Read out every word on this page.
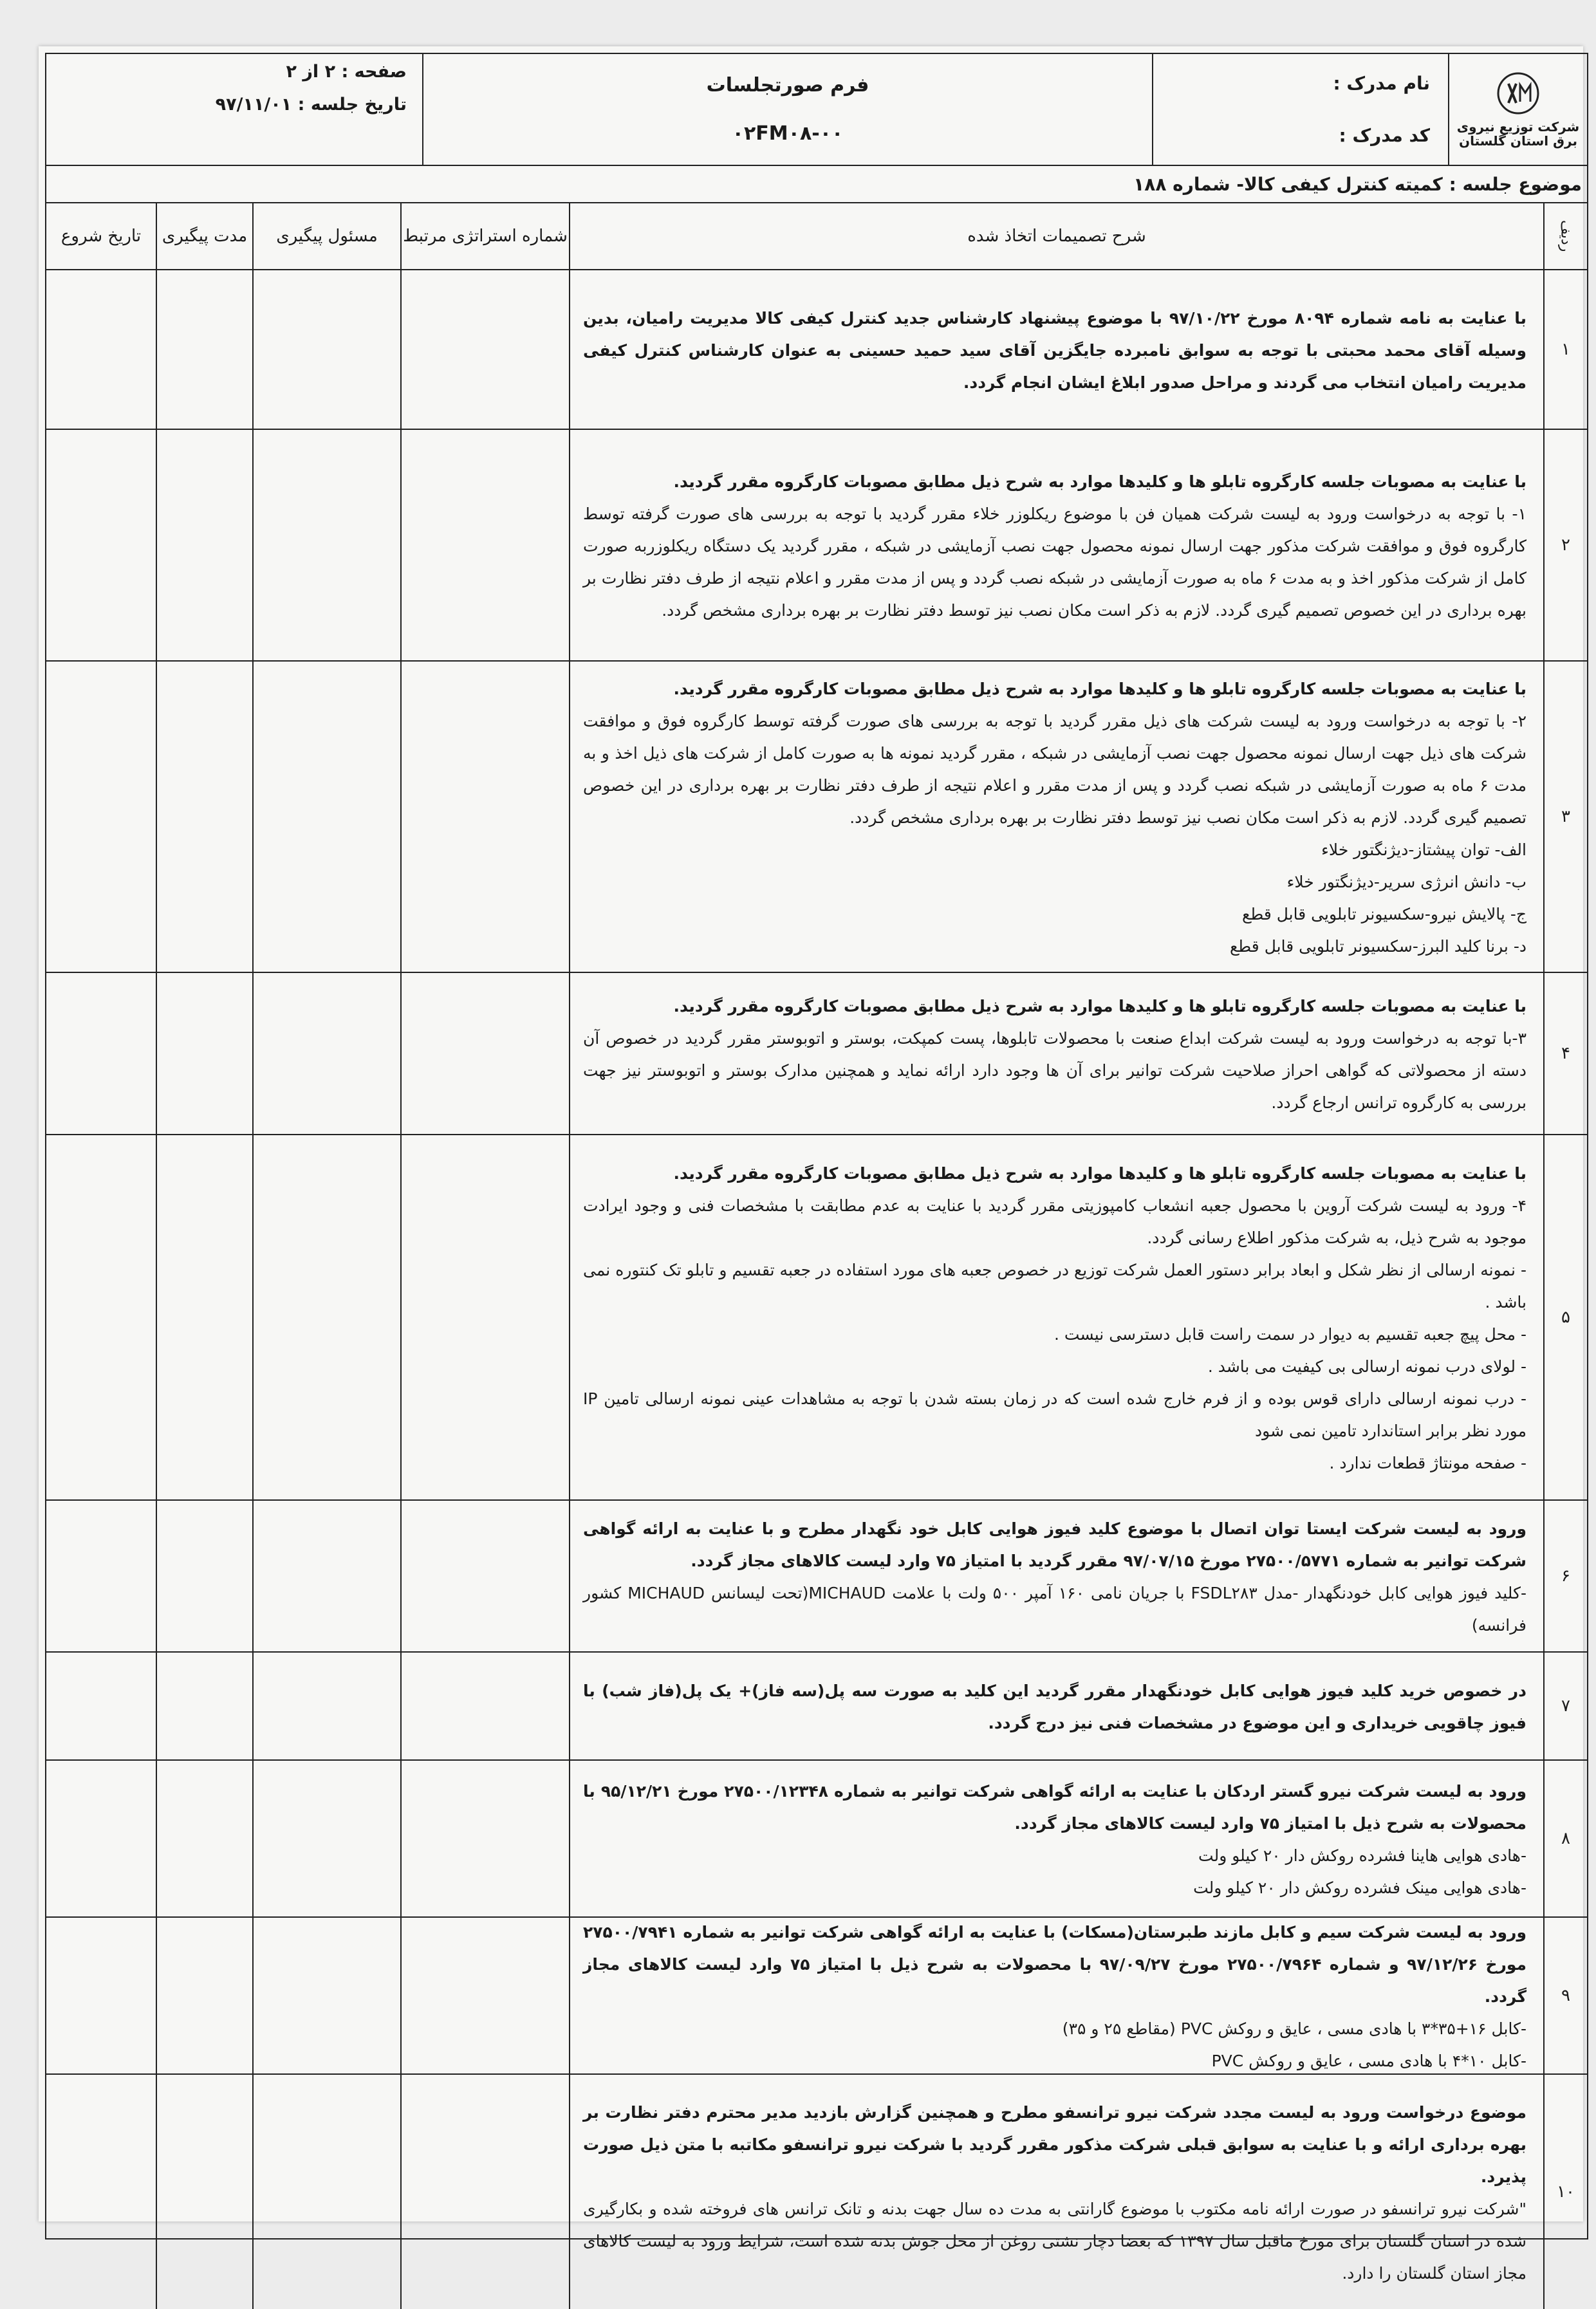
شرکت توزیع نیروی برق استان گلستان
نام مدرک :
کد مدرک :
فرم صورتجلسات
۰۲FM۰۸-۰۰
صفحه : ۲ از ۲
تاریخ جلسه : ۹۷/۱۱/۰۱
موضوع جلسه : کمیته کنترل کیفی کالا- شماره ۱۸۸
ردیف
شرح تصمیمات اتخاذ شده
شماره استراتژی مرتبط
مسئول پیگیری
مدت پیگیری
تاریخ شروع
۱

با عنایت به نامه شماره ۸۰۹۴ مورخ ۹۷/۱۰/۲۲ با موضوع پیشنهاد کارشناس جدید کنترل کیفی کالا مدیریت رامیان، بدین وسیله آقای محمد محبتی با توجه به سوابق نامبرده جایگزین آقای سید حمید حسینی به عنوان کارشناس کنترل کیفی مدیریت رامیان انتخاب می گردند و مراحل صدور ابلاغ ایشان انجام گردد.

۲

با عنایت به مصوبات جلسه کارگروه تابلو ها و کلیدها موارد به شرح ذیل مطابق مصوبات کارگروه مقرر گردید.

۱- با توجه به درخواست ورود به لیست شرکت همیان فن با موضوع ریکلوزر خلاء مقرر گردید با توجه به بررسی های صورت گرفته توسط کارگروه فوق و موافقت شرکت مذکور جهت ارسال نمونه محصول جهت نصب آزمایشی در شبکه ، مقرر گردید یک دستگاه ریکلوزربه صورت کامل از شرکت مذکور اخذ و به مدت ۶ ماه به صورت آزمایشی در شبکه نصب گردد و پس از مدت مقرر و اعلام نتیجه از طرف دفتر نظارت بر بهره برداری در این خصوص تصمیم گیری گردد. لازم به ذکر است مکان نصب نیز توسط دفتر نظارت بر بهره برداری مشخص گردد.

۳

با عنایت به مصوبات جلسه کارگروه تابلو ها و کلیدها موارد به شرح ذیل مطابق مصوبات کارگروه مقرر گردید.

۲- با توجه به درخواست ورود به لیست شرکت های ذیل مقرر گردید با توجه به بررسی های صورت گرفته توسط کارگروه فوق و موافقت شرکت های ذیل جهت ارسال نمونه محصول جهت نصب آزمایشی در شبکه ، مقرر گردید نمونه ها به صورت کامل از شرکت های ذیل اخذ و به مدت ۶ ماه به صورت آزمایشی در شبکه نصب گردد و پس از مدت مقرر و اعلام نتیجه از طرف دفتر نظارت بر بهره برداری در این خصوص تصمیم گیری گردد. لازم به ذکر است مکان نصب نیز توسط دفتر نظارت بر بهره برداری مشخص گردد.

الف- توان پیشتاز-دیژنگتور خلاء

ب- دانش انرژی سریر-دیژنگتور خلاء

ج- پالایش نیرو-سکسیونر تابلویی قابل قطع

د- برنا کلید البرز-سکسیونر تابلویی قابل قطع

۴

با عنایت به مصوبات جلسه کارگروه تابلو ها و کلیدها موارد به شرح ذیل مطابق مصوبات کارگروه مقرر گردید.

۳-با توجه به درخواست ورود به لیست شرکت ابداع صنعت با محصولات تابلوها، پست کمپکت، بوستر و اتوبوستر مقرر گردید در خصوص آن دسته از محصولاتی که گواهی احراز صلاحیت شرکت توانیر برای آن ها وجود دارد ارائه نماید و همچنین مدارک بوستر و اتوبوستر نیز جهت بررسی به کارگروه ترانس ارجاع گردد.

۵

با عنایت به مصوبات جلسه کارگروه تابلو ها و کلیدها موارد به شرح ذیل مطابق مصوبات کارگروه مقرر گردید.

۴- ورود به لیست شرکت آروین با محصول جعبه انشعاب کامپوزیتی مقرر گردید با عنایت به عدم مطابقت با مشخصات فنی و وجود ایرادت موجود به شرح ذیل، به شرکت مذکور اطلاع رسانی گردد.

- نمونه ارسالی از نظر شکل و ابعاد برابر دستور العمل شرکت توزیع در خصوص جعبه های مورد استفاده در جعبه تقسیم و تابلو تک کنتوره نمی باشد .

- محل پیچ جعبه تقسیم به دیوار در سمت راست قابل دسترسی نیست .

- لولای درب نمونه ارسالی بی کیفیت می باشد .

- درب نمونه ارسالی دارای قوس بوده و از فرم خارج شده است که در زمان بسته شدن با توجه به مشاهدات عینی نمونه ارسالی تامین IP مورد نظر برابر استاندارد تامین نمی شود

- صفحه مونتاژ قطعات ندارد .

۶

ورود به لیست شرکت ایستا توان اتصال با موضوع کلید فیوز هوایی کابل خود نگهدار مطرح و با عنایت به ارائه گواهی شرکت توانیر به شماره ۲۷۵۰۰/۵۷۷۱ مورخ ۹۷/۰۷/۱۵ مقرر گردید با امتیاز ۷۵ وارد لیست کالاهای مجاز گردد.

-کلید فیوز هوایی کابل خودنگهدار -مدل FSDL۲۸۳ با جریان نامی ۱۶۰ آمپر ۵۰۰ ولت با علامت MICHAUD(تحت لیسانس MICHAUD کشور فرانسه)

۷

در خصوص خرید کلید فیوز هوایی کابل خودنگهدار مقرر گردید این کلید به صورت سه پل(سه فاز)+ یک پل(فاز شب) با فیوز چاقویی خریداری و این موضوع در مشخصات فنی نیز درج گردد.

۸

ورود به لیست شرکت نیرو گستر اردکان با عنایت به ارائه گواهی شرکت توانیر به شماره ۲۷۵۰۰/۱۲۳۴۸ مورخ ۹۵/۱۲/۲۱ با محصولات به شرح ذیل با امتیاز ۷۵ وارد لیست کالاهای مجاز گردد.

-هادی هوایی هاینا فشرده روکش دار ۲۰ کیلو ولت

-هادی هوایی مینک فشرده روکش دار ۲۰ کیلو ولت

۹

ورود به لیست شرکت سیم و کابل مازند طبرستان(مسکات) با عنایت به ارائه گواهی شرکت توانیر به شماره ۲۷۵۰۰/۷۹۴۱ مورخ ۹۷/۱۲/۲۶ و شماره ۲۷۵۰۰/۷۹۶۴ مورخ ۹۷/۰۹/۲۷ با محصولات به شرح ذیل با امتیاز ۷۵ وارد لیست کالاهای مجاز گردد.

-کابل ۱۶+۳۵*۳ با هادی مسی ، عایق و روکش PVC (مقاطع ۲۵ و ۳۵)

-کابل ۱۰*۴ با هادی مسی ، عایق و روکش PVC

۱۰

موضوع درخواست ورود به لیست مجدد شرکت نیرو ترانسفو مطرح و همچنین گزارش بازدید مدیر محترم دفتر نظارت بر بهره برداری ارائه و با عنایت به سوابق قبلی شرکت مذکور مقرر گردید با شرکت نیرو ترانسفو مکاتبه با متن ذیل صورت پذیرد.

"شرکت نیرو ترانسفو در صورت ارائه نامه مکتوب با موضوع گارانتی به مدت ده سال جهت بدنه و تانک ترانس های فروخته شده و بکارگیری شده در استان گلستان برای مورخ ماقبل سال ۱۳۹۷ که بعضا دچار نشتی روغن از محل جوش بدنه شده است، شرایط ورود به لیست کالاهای مجاز استان گلستان را دارد.
